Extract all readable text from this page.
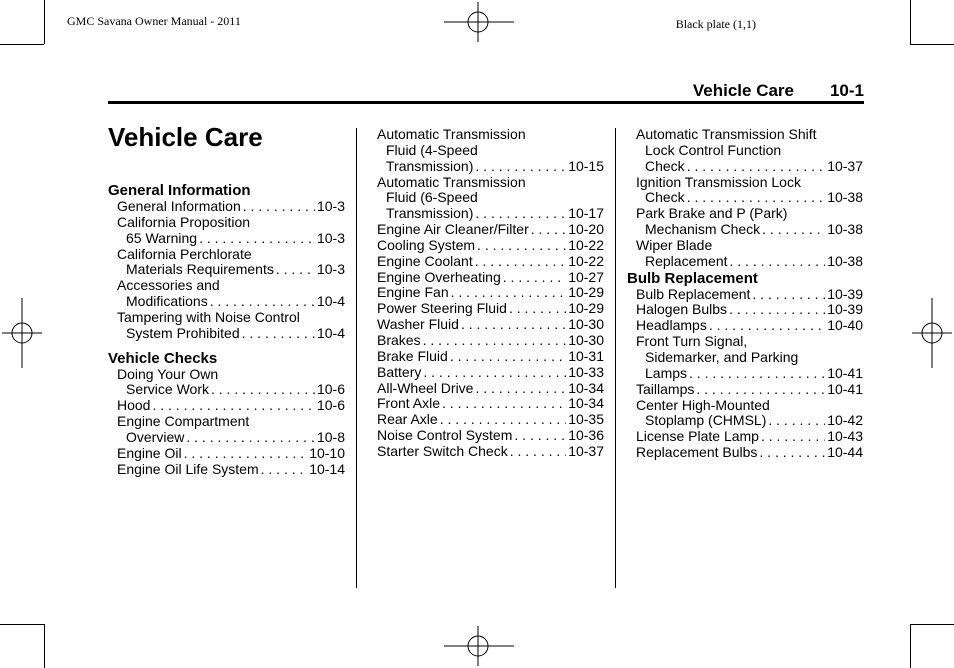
GMC Savana Owner Manual - 2011	Black plate (1,1)
Vehicle Care 10-1
Vehicle Care
General Information
General Information . . .	10-3
California Proposition
65 Warning . . .	10-3
California Perchlorate
Materials Requirements . . .	10-3
Accessories and
Modifications . . .	10-4
Tampering with Noise Control
System Prohibited . . .	10-4
Vehicle Checks
Doing Your Own
Service Work . . .	10-6
Hood . . .	10-6
Engine Compartment
Overview . . .	10-8
Engine Oil . . .	10-10
Engine Oil Life System . . .	10-14
Automatic Transmission
Fluid (4-Speed
Transmission) . . .	10-15
Automatic Transmission
Fluid (6-Speed
Transmission) . . .	10-17
Engine Air Cleaner/Filter . . .	10-20
Cooling System . . .	10-22
Engine Coolant . . .	10-22
Engine Overheating . . .	10-27
Engine Fan . . .	10-29
Power Steering Fluid . . .	10-29
Washer Fluid . . .	10-30
Brakes . . .	10-30
Brake Fluid . . .	10-31
Battery . . .	10-33
All-Wheel Drive . . .	10-34
Front Axle . . .	10-34
Rear Axle . . .	10-35
Noise Control System . . .	10-36
Starter Switch Check . . .	10-37
Automatic Transmission Shift
Lock Control Function
Check . . .	10-37
Ignition Transmission Lock
Check . . .	10-38
Park Brake and P (Park)
Mechanism Check . . .	10-38
Wiper Blade
Replacement . . .	10-38
Bulb Replacement
Bulb Replacement . . .	10-39
Halogen Bulbs . . .	10-39
Headlamps . . .	10-40
Front Turn Signal,
Sidemarker, and Parking
Lamps . . .	10-41
Taillamps . . .	10-41
Center High-Mounted
Stoplamp (CHMSL) . . .	10-42
License Plate Lamp . . .	10-43
Replacement Bulbs . . .	10-44
